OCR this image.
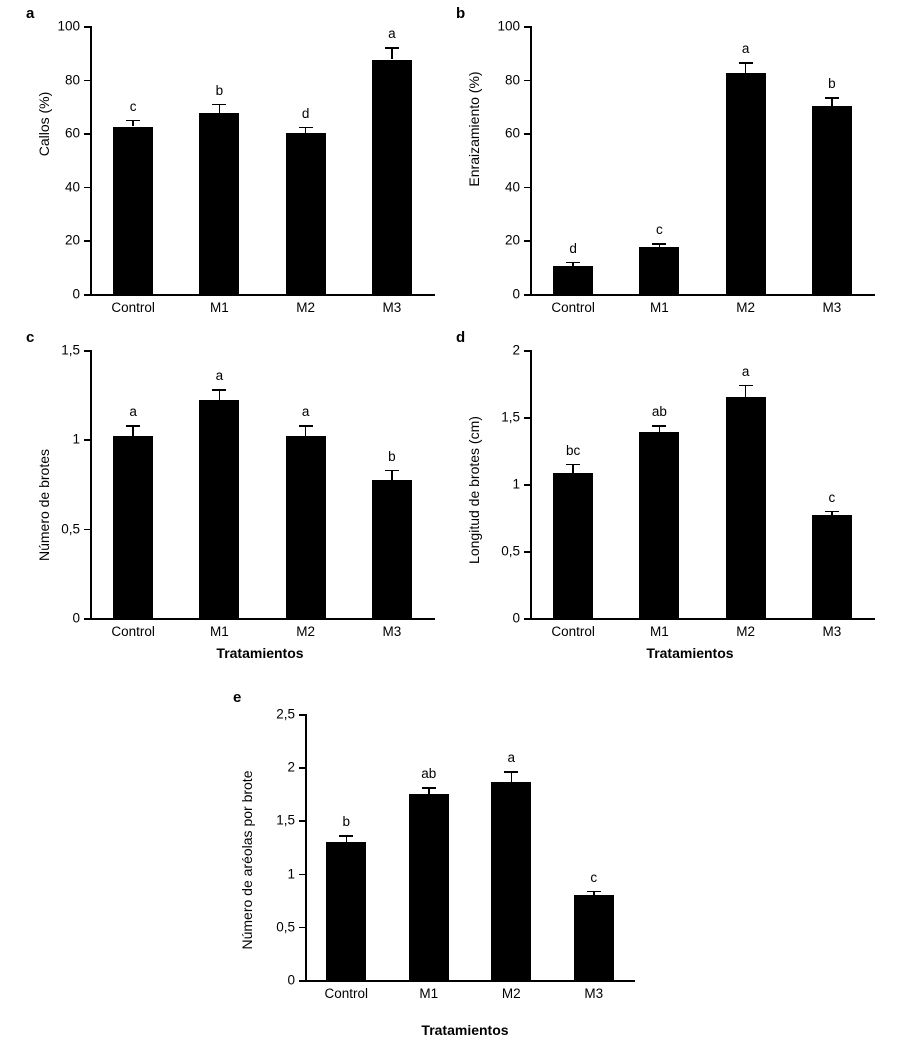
a
Callos (%)
0
20
40
60
80
100
c
Control
b
M1
d
M2
a
M3
b
Enraizamiento (%)
0
20
40
60
80
100
d
Control
c
M1
a
M2
b
M3
c
Número de brotes
Tratamientos
0
0,5
1
1,5
a
Control
a
M1
a
M2
b
M3
d
Longitud de brotes (cm)
Tratamientos
0
0,5
1
1,5
2
bc
Control
ab
M1
a
M2
c
M3
e
Número de aréolas por brote
Tratamientos
0
0,5
1
1,5
2
2,5
b
Control
ab
M1
a
M2
c
M3
